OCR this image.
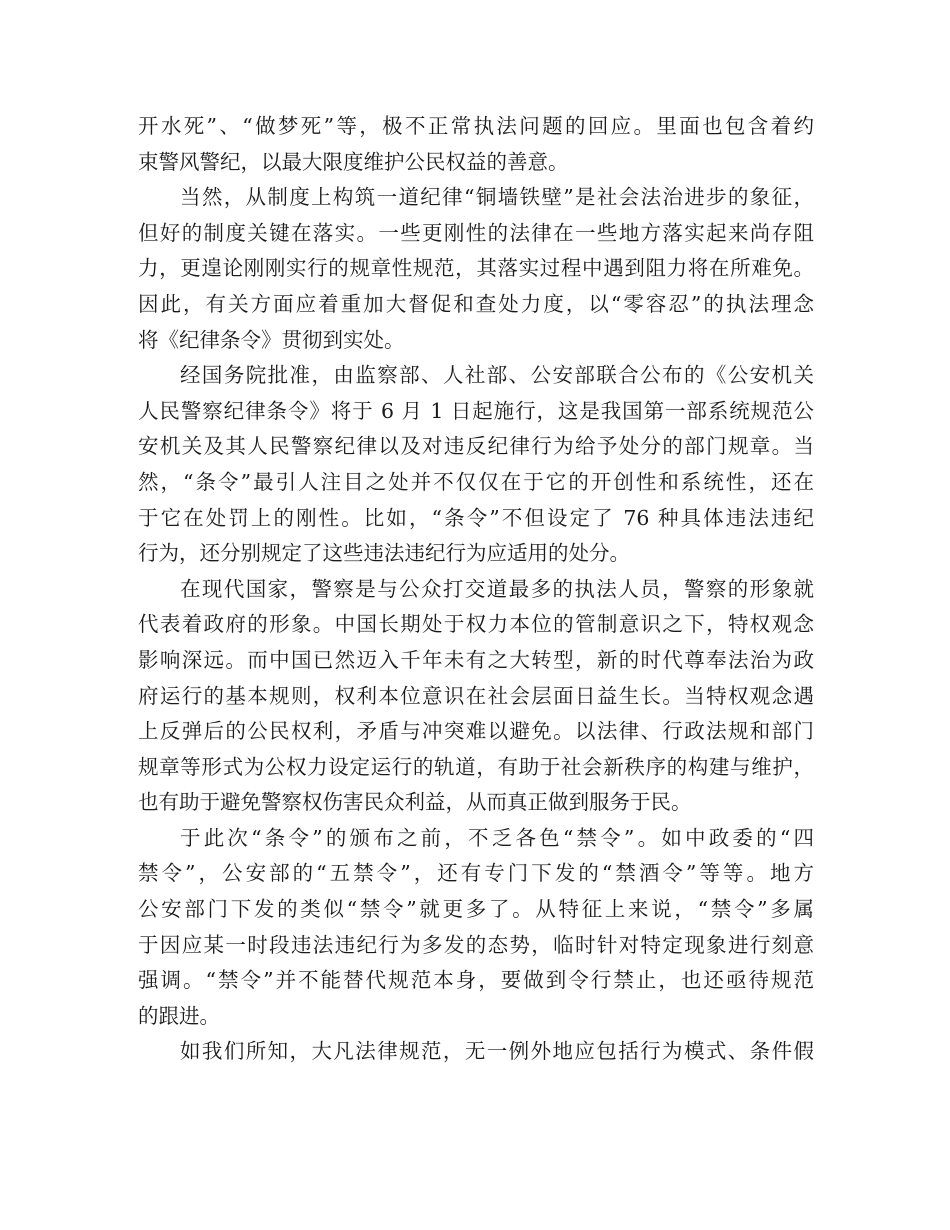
开水死”、“做梦死”等，极不正常执法问题的回应。里面也包含着约
束警风警纪，以最大限度维护公民权益的善意。
当然，从制度上构筑一道纪律“铜墙铁壁”是社会法治进步的象征，
但好的制度关键在落实。一些更刚性的法律在一些地方落实起来尚存阻
力，更遑论刚刚实行的规章性规范，其落实过程中遇到阻力将在所难免。
因此，有关方面应着重加大督促和查处力度，以“零容忍”的执法理念
将《纪律条令》贯彻到实处。
经国务院批准，由监察部、人社部、公安部联合公布的《公安机关
人民警察纪律条令》将于 6 月 1 日起施行，这是我国第一部系统规范公
安机关及其人民警察纪律以及对违反纪律行为给予处分的部门规章。当
然，“条令”最引人注目之处并不仅仅在于它的开创性和系统性，还在
于它在处罚上的刚性。比如，“条令”不但设定了 76 种具体违法违纪
行为，还分别规定了这些违法违纪行为应适用的处分。
在现代国家，警察是与公众打交道最多的执法人员，警察的形象就
代表着政府的形象。中国长期处于权力本位的管制意识之下，特权观念
影响深远。而中国已然迈入千年未有之大转型，新的时代尊奉法治为政
府运行的基本规则，权利本位意识在社会层面日益生长。当特权观念遇
上反弹后的公民权利，矛盾与冲突难以避免。以法律、行政法规和部门
规章等形式为公权力设定运行的轨道，有助于社会新秩序的构建与维护，
也有助于避免警察权伤害民众利益，从而真正做到服务于民。
于此次“条令”的颁布之前，不乏各色“禁令”。如中政委的“四
禁令”，公安部的“五禁令”，还有专门下发的“禁酒令”等等。地方
公安部门下发的类似“禁令”就更多了。从特征上来说，“禁令”多属
于因应某一时段违法违纪行为多发的态势，临时针对特定现象进行刻意
强调。“禁令”并不能替代规范本身，要做到令行禁止，也还亟待规范
的跟进。
如我们所知，大凡法律规范，无一例外地应包括行为模式、条件假
